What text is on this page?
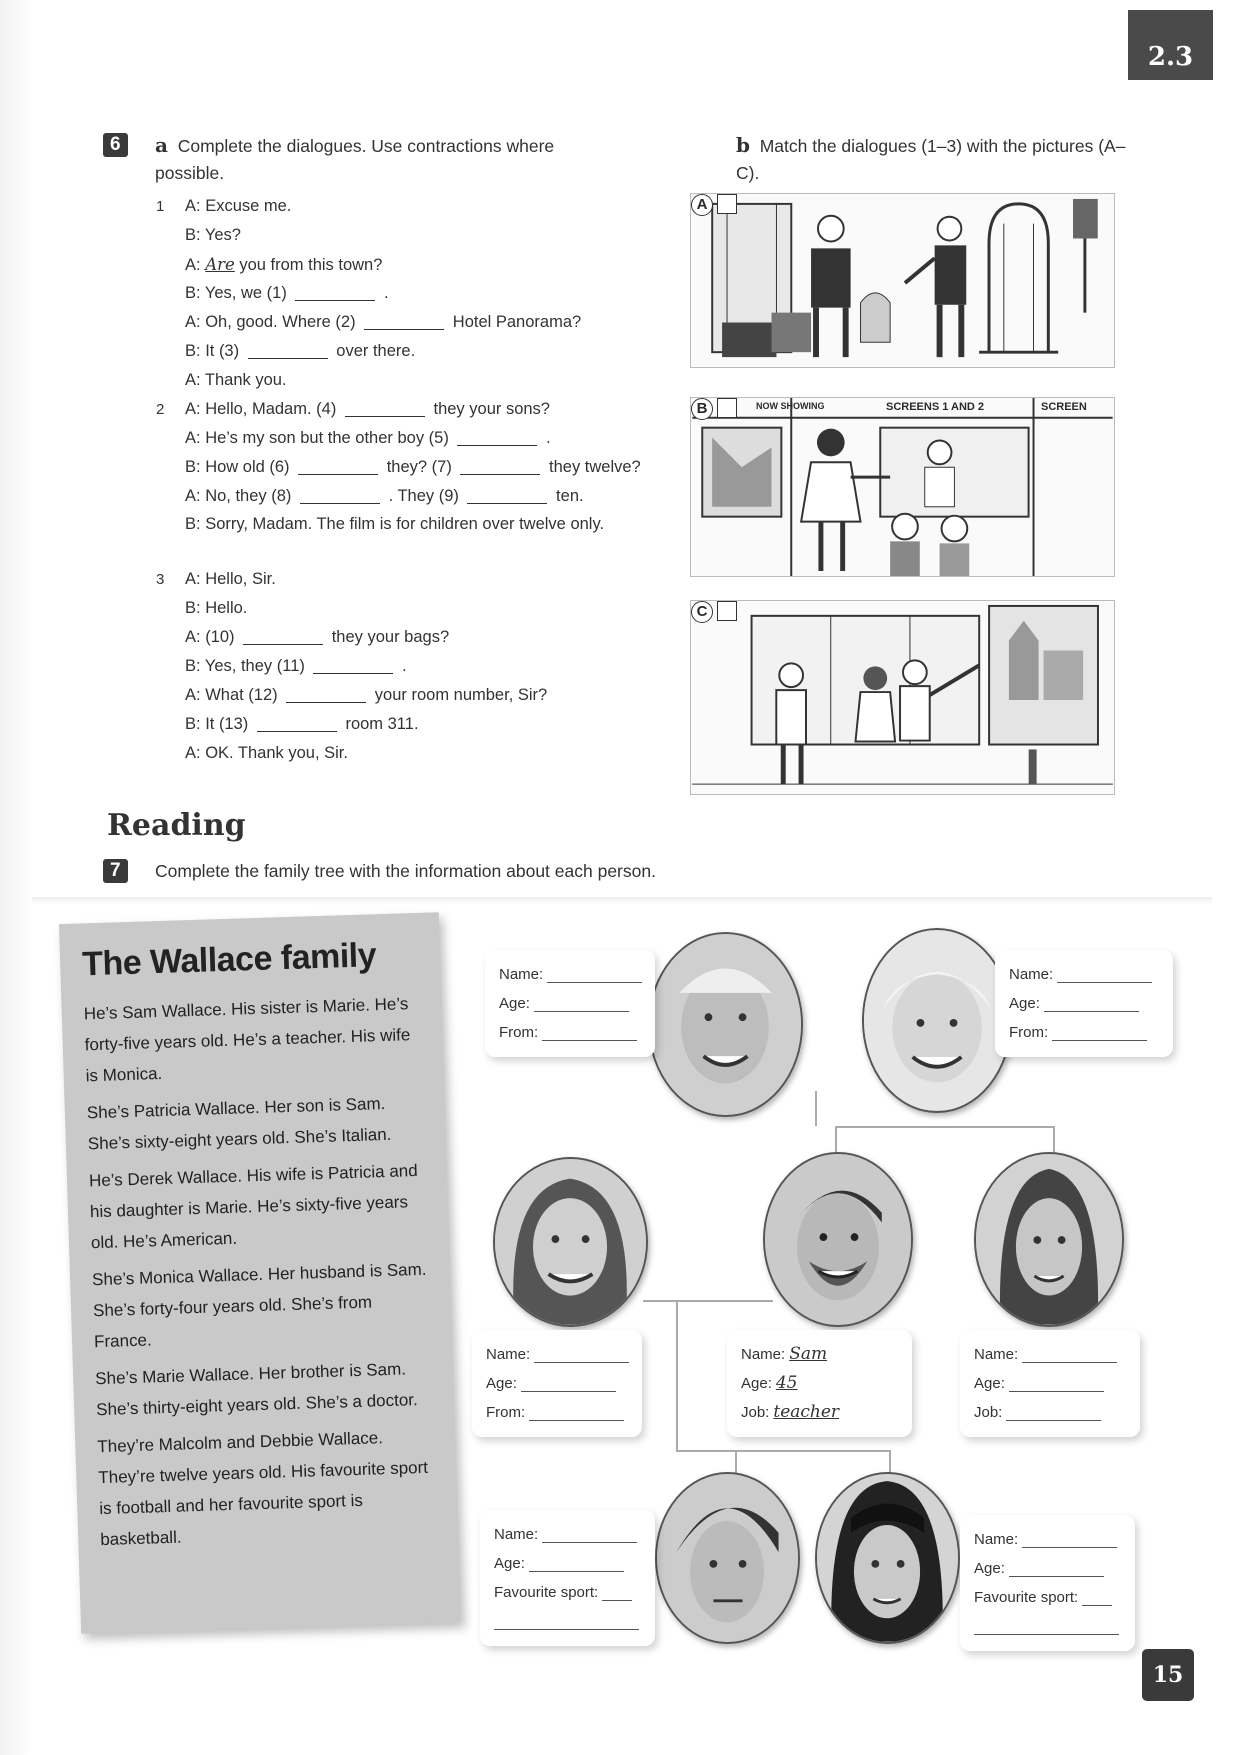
2.3
6	a Complete the dialogues. Use contractions where possible.
1 A: Excuse me.
B: Yes?
A: Are you from this town?
B: Yes, we (1)	.
A: Oh, good. Where (2)	Hotel Panorama?
B: It (3)	over there.
A: Thank you.
2 A: Hello, Madam. (4)	they your sons?
A: He’s my son but the other boy (5)	.
B: How old (6)	they? (7)	they twelve?
A: No, they (8)	. They (9)	ten.
B: Sorry, Madam. The film is for children over twelve only.
3 A: Hello, Sir.
B: Hello.
A: (10)	they your bags?
B: Yes, they (11)	.
A: What (12)	your room number, Sir?
B: It (13)	room 311.
A: OK. Thank you, Sir.
b Match the dialogues (1–3) with the pictures (A–C).
A
NOW SHOWING	SCREENS 1 AND 2	SCREEN
B
C
Reading
7	Complete the family tree with the information about each person.
The Wallace family

He’s Sam Wallace. His sister is Marie. He’s forty-five years old. He’s a teacher. His wife is Monica.

She’s Patricia Wallace. Her son is Sam. She’s sixty-eight years old. She’s Italian.

He’s Derek Wallace. His wife is Patricia and his daughter is Marie. He’s sixty-five years old. He’s American.

She’s Monica Wallace. Her husband is Sam. She’s forty-four years old. She’s from France.

She’s Marie Wallace. Her brother is Sam. She’s thirty-eight years old. She’s a doctor.

They’re Malcolm and Debbie Wallace. They’re twelve years old. His favourite sport is football and her favourite sport is basketball.

Name:
Age:
From:
Name:
Age:
From:
Name:
Age:
From:
Name: Sam
Age: 45
Job: teacher
Name:
Age:
Job:
Name:
Age:
Favourite sport:
Name:
Age:
Favourite sport:
15
